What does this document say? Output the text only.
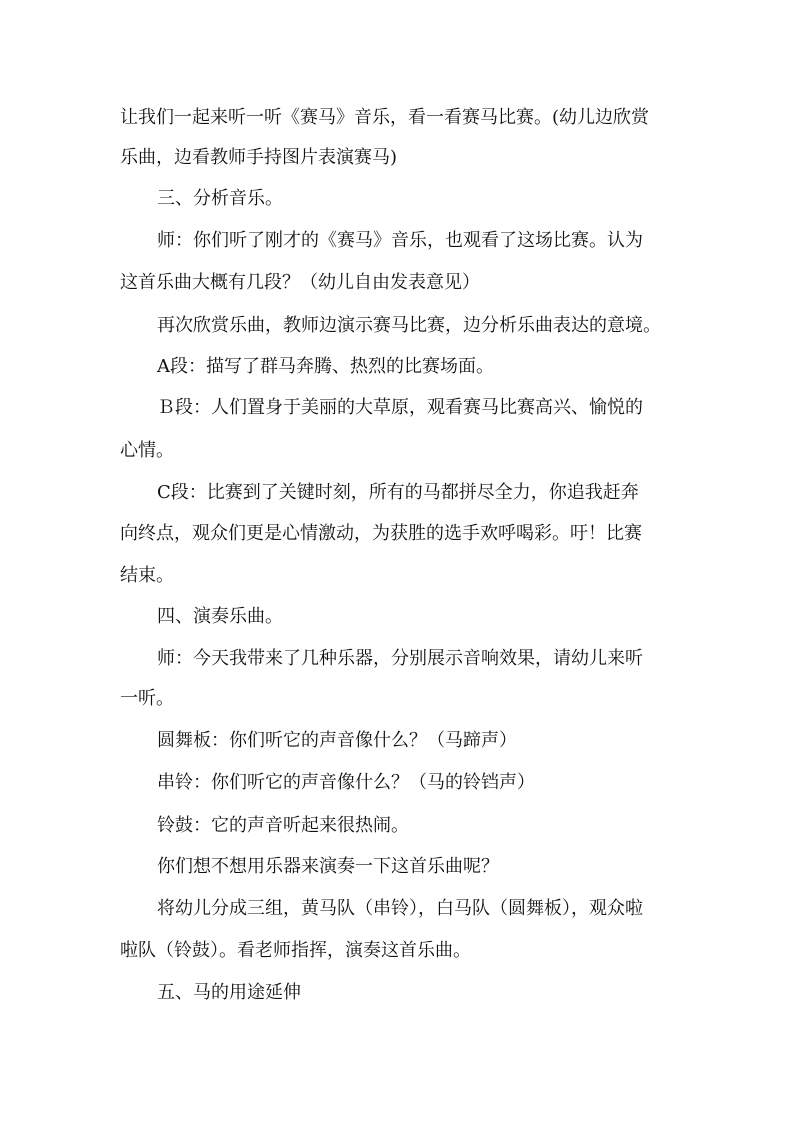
让我们一起来听一听《赛马》音乐，看一看赛马比赛。(幼儿边欣赏
乐曲，边看教师手持图片表演赛马)
三、分析音乐。
师：你们听了刚才的《赛马》音乐，也观看了这场比赛。认为
这首乐曲大概有几段？（幼儿自由发表意见）
再次欣赏乐曲，教师边演示赛马比赛，边分析乐曲表达的意境。
A段：描写了群马奔腾、热烈的比赛场面。
Ｂ段：人们置身于美丽的大草原，观看赛马比赛高兴、愉悦的
心情。
C段：比赛到了关键时刻，所有的马都拼尽全力，你追我赶奔
向终点，观众们更是心情激动，为获胜的选手欢呼喝彩。吁！比赛
结束。
四、演奏乐曲。
师：今天我带来了几种乐器，分别展示音响效果，请幼儿来听
一听。
圆舞板：你们听它的声音像什么？（马蹄声）
串铃：你们听它的声音像什么？（马的铃铛声）
铃鼓：它的声音听起来很热闹。
你们想不想用乐器来演奏一下这首乐曲呢？
将幼儿分成三组，黄马队（串铃），白马队（圆舞板），观众啦
啦队（铃鼓）。看老师指挥，演奏这首乐曲。
五、马的用途延伸
